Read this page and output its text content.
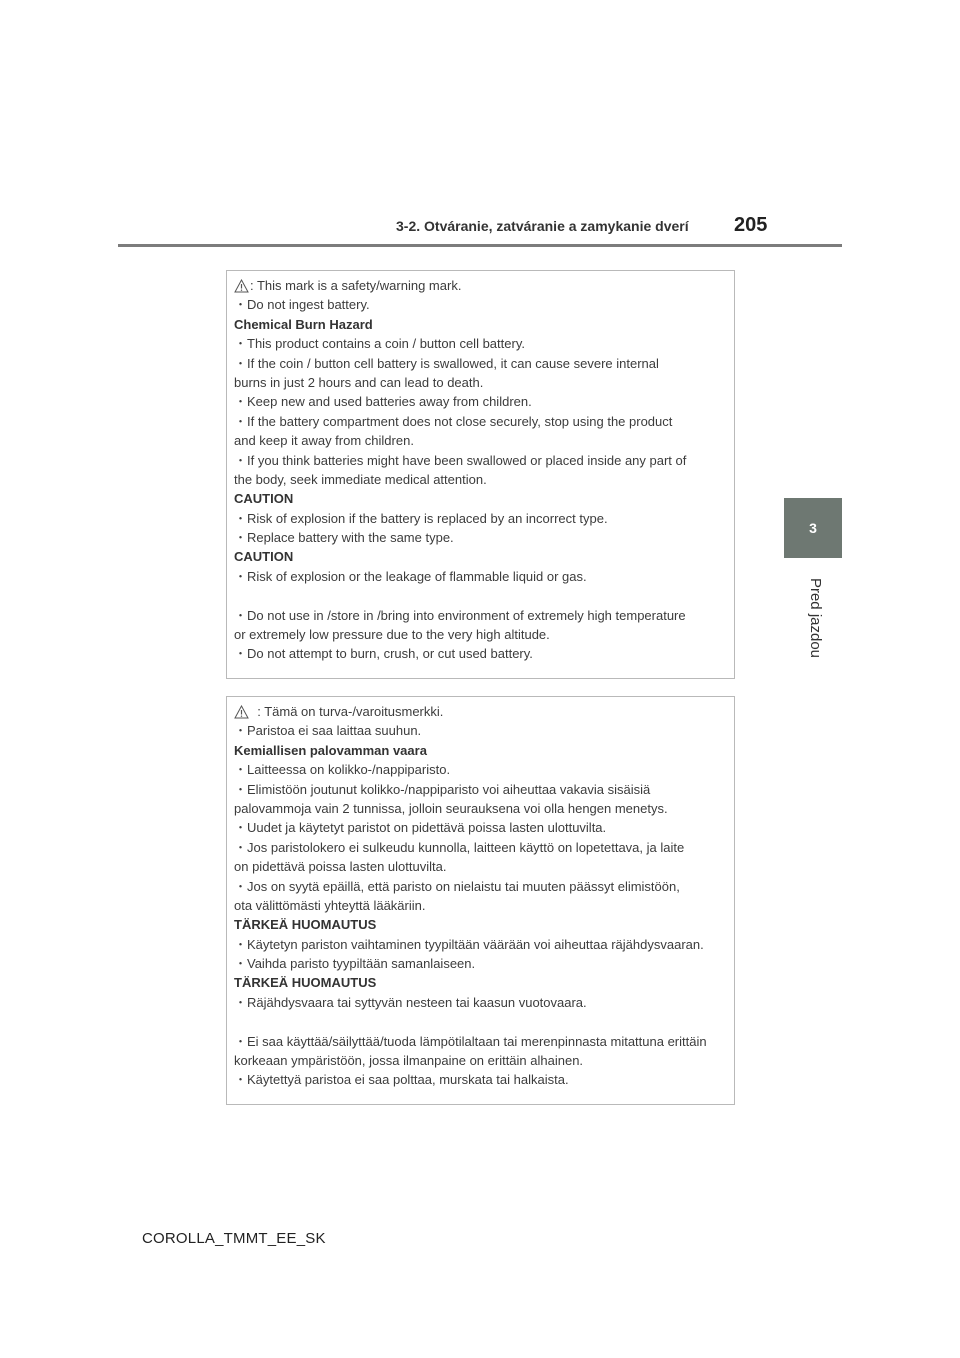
3-2. Otváranie, zatváranie a zamykanie dverí 205
3
Pred jazdou
: This mark is a safety/warning mark.
・Do not ingest battery.
Chemical Burn Hazard
・This product contains a coin / button cell battery.
・If the coin / button cell battery is swallowed, it can cause severe internal
burns in just 2 hours and can lead to death.
・Keep new and used batteries away from children.
・If the battery compartment does not close securely, stop using the product
and keep it away from children.
・If you think batteries might have been swallowed or placed inside any part of
the body, seek immediate medical attention.
CAUTION
・Risk of explosion if the battery is replaced by an incorrect type.
・Replace battery with the same type.
CAUTION
・Risk of explosion or the leakage of flammable liquid or gas.
・Do not use in /store in /bring into environment of extremely high temperature
or extremely low pressure due to the very high altitude.
・Do not attempt to burn, crush, or cut used battery.
: Tämä on turva-/varoitusmerkki.
・Paristoa ei saa laittaa suuhun.
Kemiallisen palovamman vaara
・Laitteessa on kolikko-/nappiparisto.
・Elimistöön joutunut kolikko-/nappiparisto voi aiheuttaa vakavia sisäisiä
palovammoja vain 2 tunnissa, jolloin seurauksena voi olla hengen menetys.
・Uudet ja käytetyt paristot on pidettävä poissa lasten ulottuvilta.
・Jos paristolokero ei sulkeudu kunnolla, laitteen käyttö on lopetettava, ja laite
on pidettävä poissa lasten ulottuvilta.
・Jos on syytä epäillä, että paristo on nielaistu tai muuten päässyt elimistöön,
ota välittömästi yhteyttä lääkäriin.
TÄRKEÄ HUOMAUTUS
・Käytetyn pariston vaihtaminen tyypiltään väärään voi aiheuttaa räjähdysvaaran.
・Vaihda paristo tyypiltään samanlaiseen.
TÄRKEÄ HUOMAUTUS
・Räjähdysvaara tai syttyvän nesteen tai kaasun vuotovaara.
・Ei saa käyttää/säilyttää/tuoda lämpötilaltaan tai merenpinnasta mitattuna erittäin
korkeaan ympäristöön, jossa ilmanpaine on erittäin alhainen.
・Käytettyä paristoa ei saa polttaa, murskata tai halkaista.
COROLLA_TMMT_EE_SK
